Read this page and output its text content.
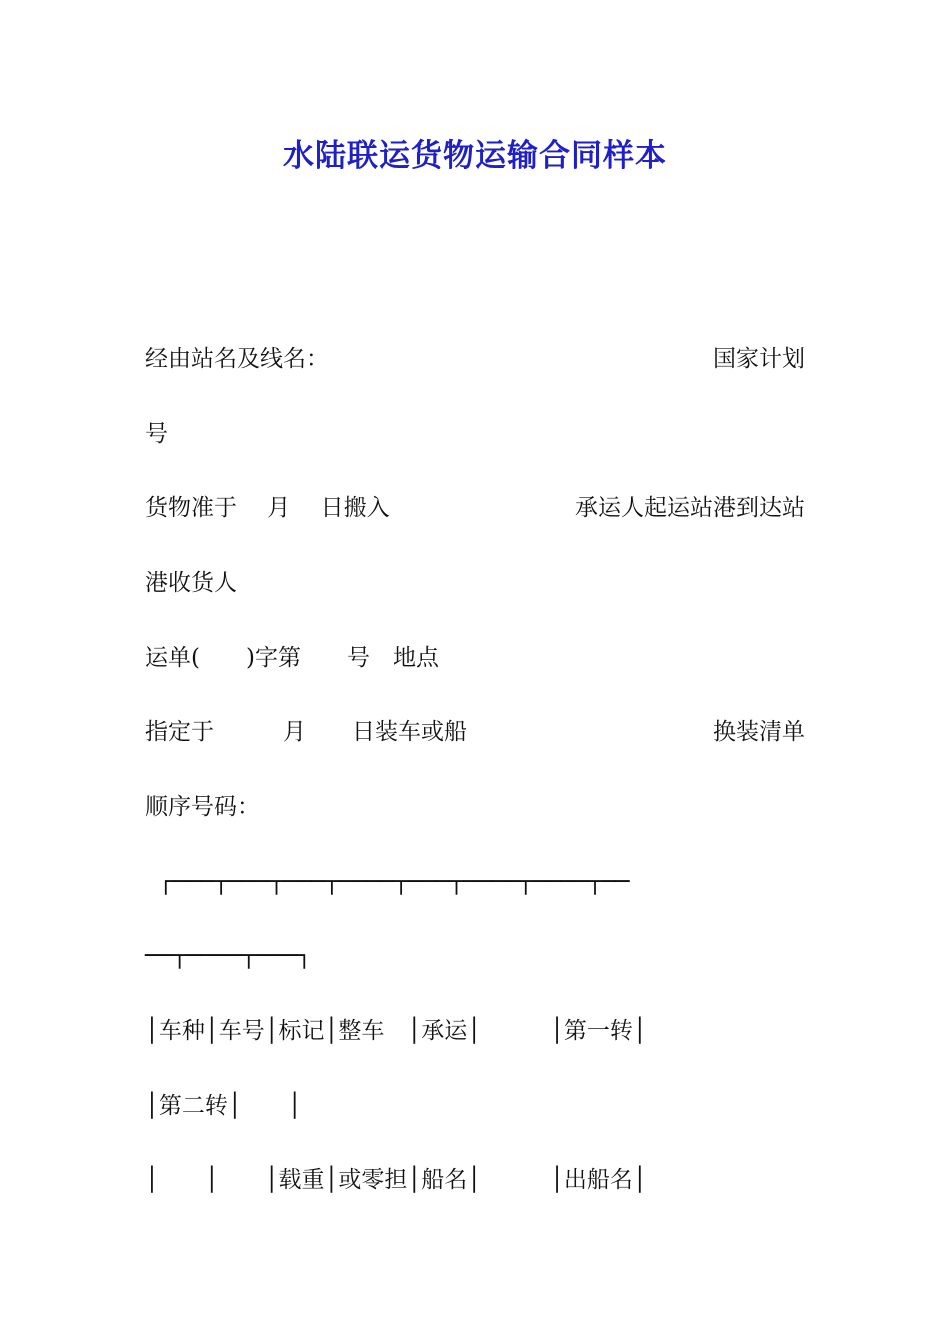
水陆联运货物运输合同样本
经由站名及线名：	国家计划
号
货物准于　 月　 日搬入	承运人起运站港到达站
港收货人
运单(　　)字第　　号　地点
指定于　　　月　　日装车或船	换装清单
顺序号码：
┌───┬───┬───┬────┬───┬────┬────┬──
──┬────┬───┐
│车种│车号│标记│整车　│承运│　　　│第一转│
│第二转│　　│
│　　│　　│载重│或零担│船名│　　　│出船名│
